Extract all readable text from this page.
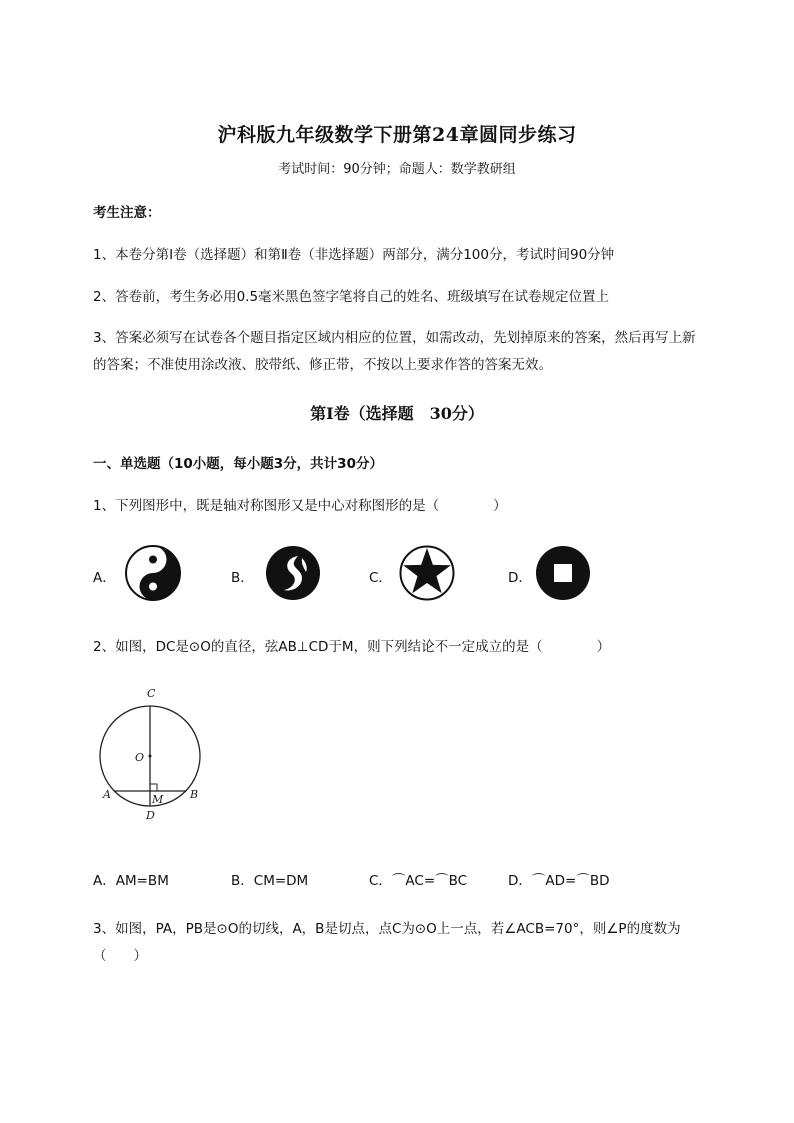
沪科版九年级数学下册第24章圆同步练习
考试时间：90分钟；命题人：数学教研组
考生注意：
1、本卷分第I卷（选择题）和第Ⅱ卷（非选择题）两部分，满分100分，考试时间90分钟
2、答卷前，考生务必用0.5毫米黑色签字笔将自己的姓名、班级填写在试卷规定位置上
3、答案必须写在试卷各个题目指定区域内相应的位置，如需改动，先划掉原来的答案，然后再写上新
的答案；不准使用涂改液、胶带纸、修正带，不按以上要求作答的答案无效。
第I卷（选择题　30分）
一、单选题（10小题，每小题3分，共计30分）
1、下列图形中，既是轴对称图形又是中心对称图形的是（　　　　）
A．	B．	C．	D．
2、如图，DC是⊙O的直径，弦AB⊥CD于M，则下列结论不一定成立的是（　　　　）
C
O
A	B
M
D
A．AM=BM	B．CM=DM	C．⌒AC=⌒BC	D．⌒AD=⌒BD
3、如图，PA，PB是⊙O的切线，A，B是切点，点C为⊙O上一点，若∠ACB=70°，则∠P的度数为
（　　）
